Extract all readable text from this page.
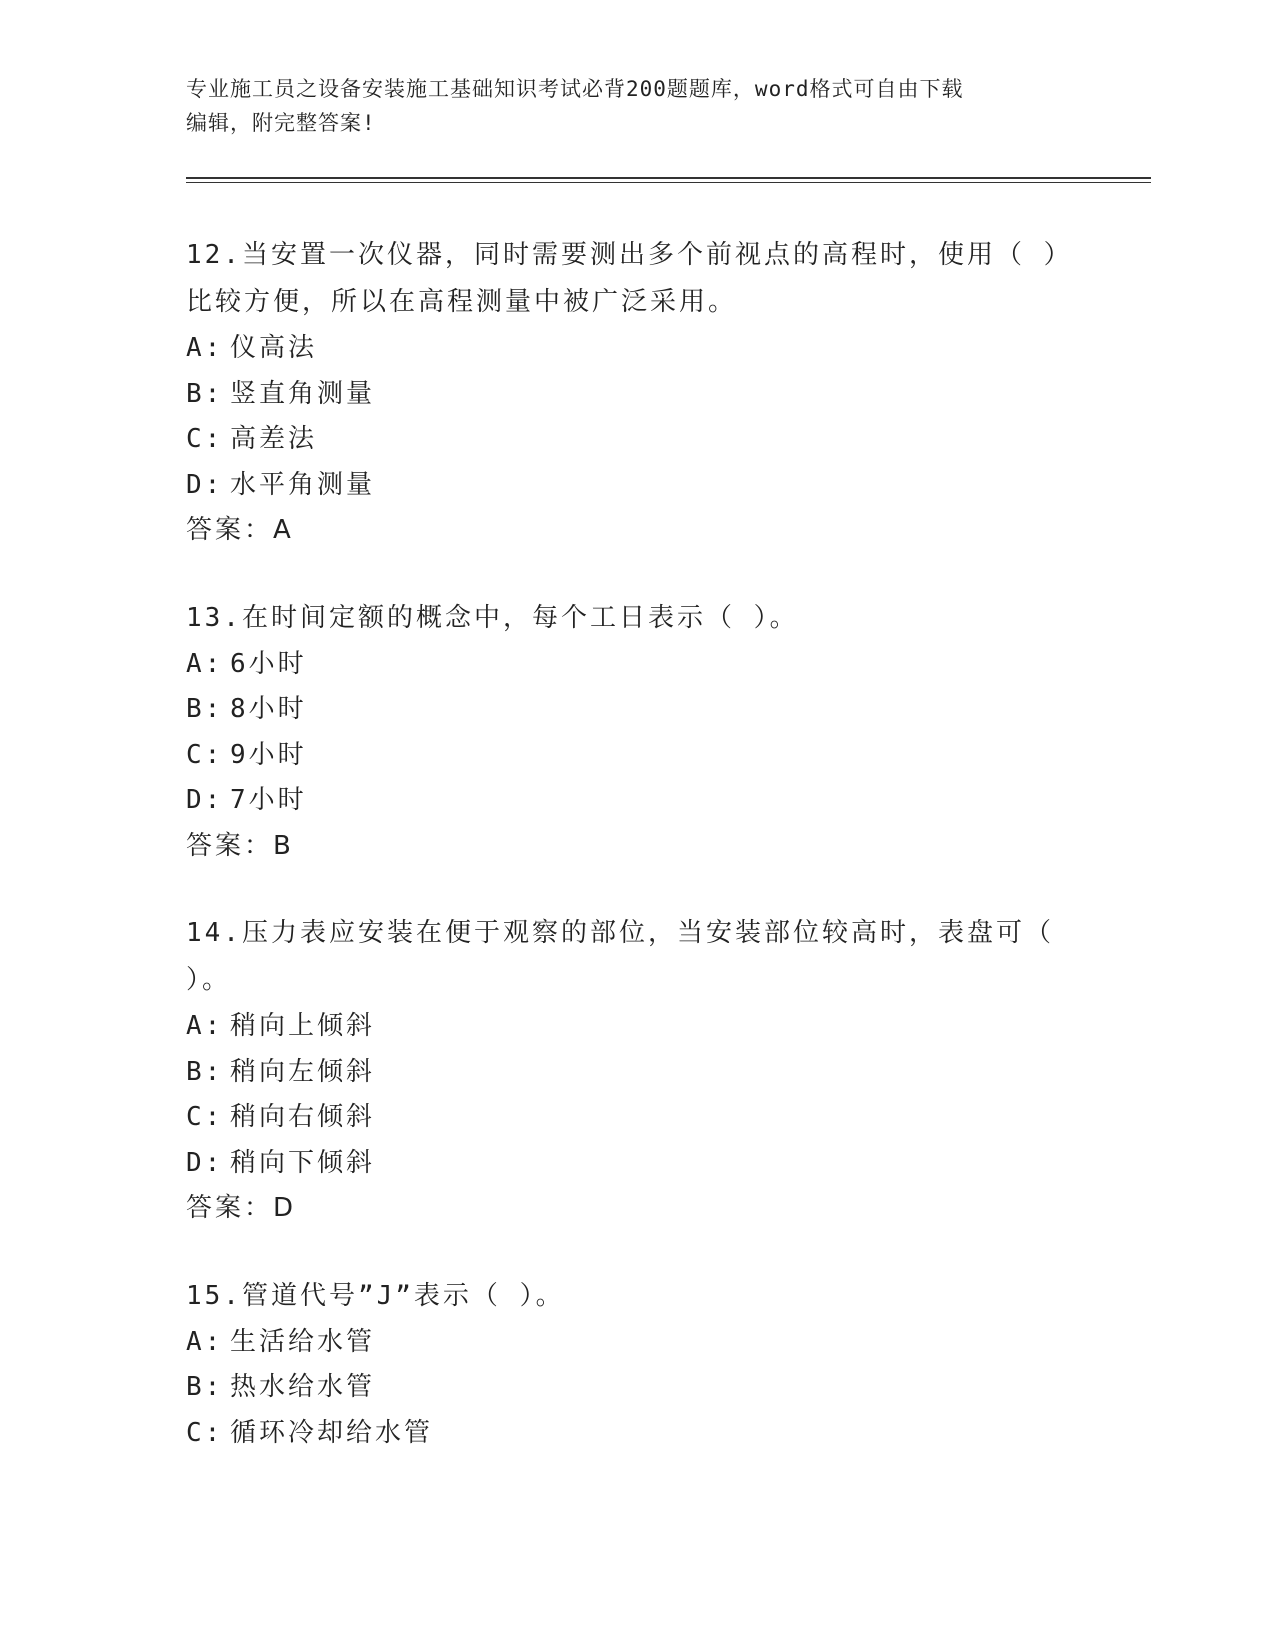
专业施工员之设备安装施工基础知识考试必背200题题库，word格式可自由下载
编辑，附完整答案!

12.当安置一次仪器，同时需要测出多个前视点的高程时，使用（ ）比较方便，所以在高程测量中被广泛采用。

A: 仪高法

B: 竖直角测量

C: 高差法

D: 水平角测量

答案：A

13.在时间定额的概念中，每个工日表示（ ）。

A: 6小时

B: 8小时

C: 9小时

D: 7小时

答案：B

14.压力表应安装在便于观察的部位，当安装部位较高时，表盘可（ ）。

A: 稍向上倾斜

B: 稍向左倾斜

C: 稍向右倾斜

D: 稍向下倾斜

答案：D

15.管道代号”J”表示（ ）。

A: 生活给水管

B: 热水给水管

C: 循环冷却给水管
